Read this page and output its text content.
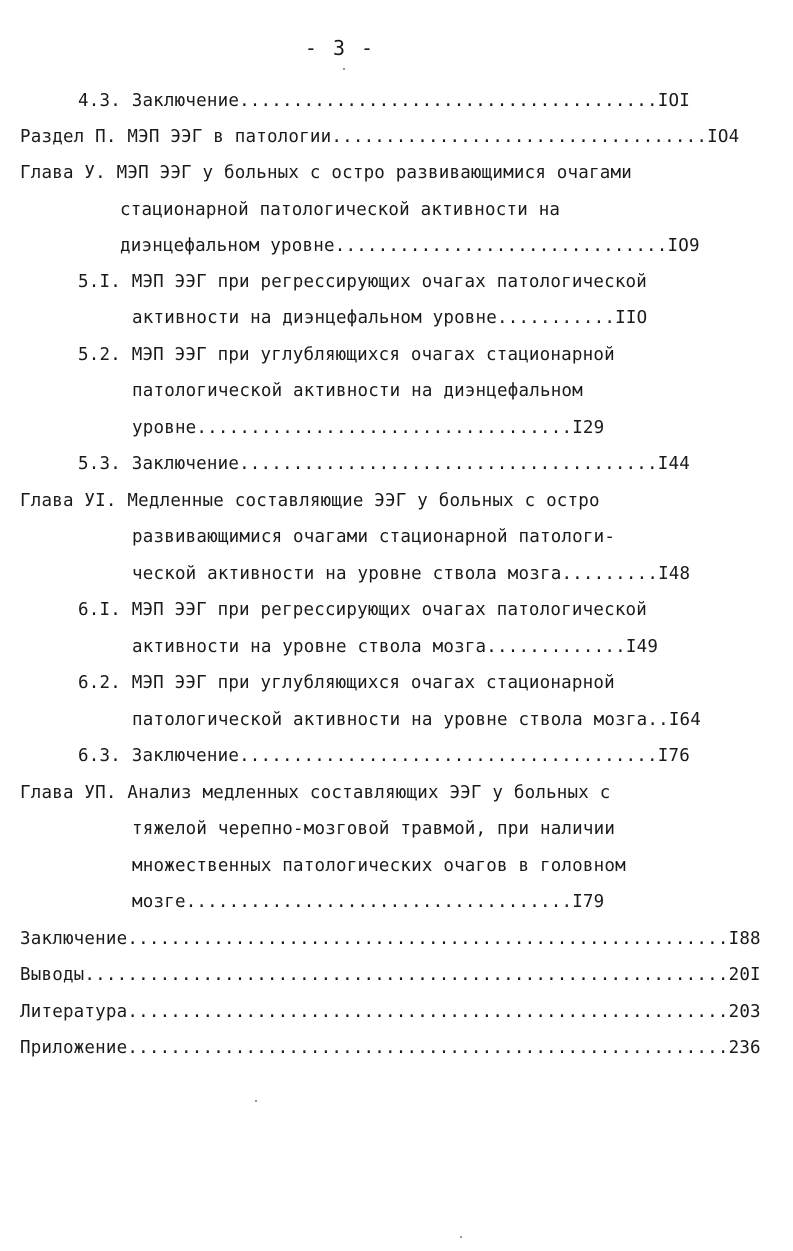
- 3 -
4.3. Заключение.......................................IOI
Раздел П. МЭП ЭЭГ в патологии...................................IO4
Глава У. МЭП ЭЭГ у больных с остро развивающимися очагами
стационарной патологической активности на
диэнцефальном уровне...............................IO9
5.I. МЭП ЭЭГ при регрессирующих очагах патологической
активности на диэнцефальном уровне...........IIO
5.2. МЭП ЭЭГ при углубляющихся очагах стационарной
патологической активности на диэнцефальном
уровне...................................I29
5.3. Заключение.......................................I44
Глава УI. Медленные составляющие ЭЭГ у больных с остро
развивающимися очагами стационарной патологи-
ческой активности на уровне ствола мозга.........I48
6.I. МЭП ЭЭГ при регрессирующих очагах патологической
активности на уровне ствола мозга.............I49
6.2. МЭП ЭЭГ при углубляющихся очагах стационарной
патологической активности на уровне ствола мозга..I64
6.3. Заключение.......................................I76
Глава УП. Анализ медленных составляющих ЭЭГ у больных с
тяжелой черепно-мозговой травмой, при наличии
множественных патологических очагов в головном
мозге....................................I79
Заключение........................................................I88
Выводы............................................................20I
Литература........................................................203
Приложение........................................................236
